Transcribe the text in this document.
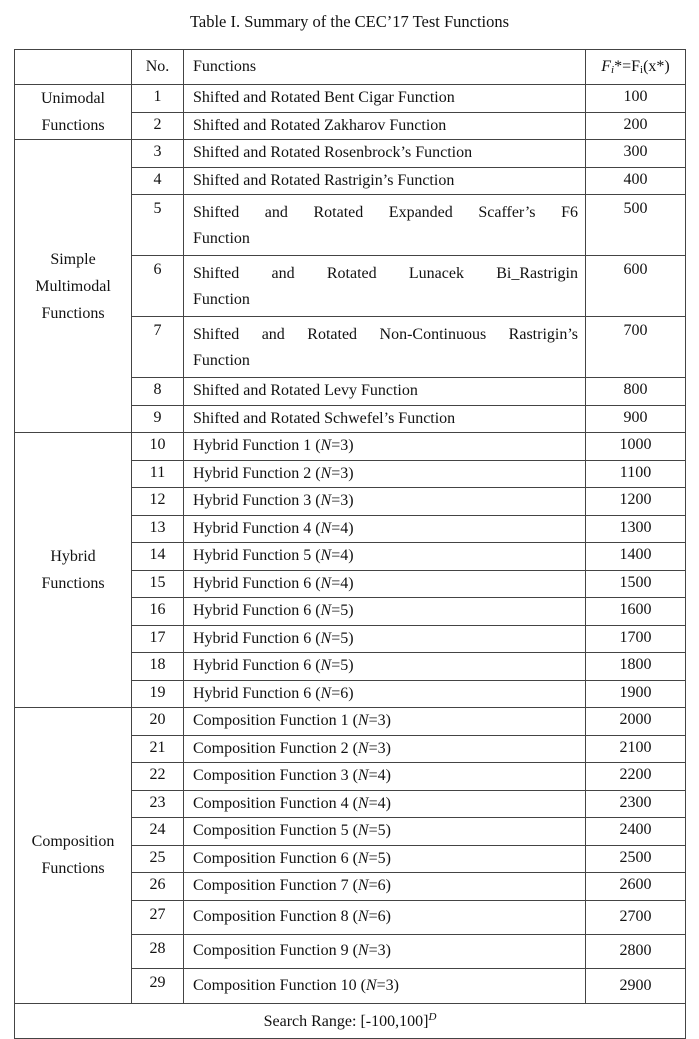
Table I. Summary of the CEC’17 Test Functions
	No.	Functions	Fi*=Fi(x*)

Unimodal
Functions	1	Shifted and Rotated Bent Cigar Function	100
	2	Shifted and Rotated Zakharov Function	200

Simple
Multimodal
Functions	3	Shifted and Rotated Rosenbrock’s Function	300
	4	Shifted and Rotated Rastrigin’s Function	400
	5	Shifted and Rotated Expanded Scaffer’s F6
Function	500
	6	Shifted and Rotated Lunacek Bi_Rastrigin
Function	600
	7	Shifted and Rotated Non-Continuous Rastrigin’s
Function	700
	8	Shifted and Rotated Levy Function	800
	9	Shifted and Rotated Schwefel’s Function	900

Hybrid
Functions	10	Hybrid Function 1 (N=3)	1000
	11	Hybrid Function 2 (N=3)	1100
	12	Hybrid Function 3 (N=3)	1200
	13	Hybrid Function 4 (N=4)	1300
	14	Hybrid Function 5 (N=4)	1400
	15	Hybrid Function 6 (N=4)	1500
	16	Hybrid Function 6 (N=5)	1600
	17	Hybrid Function 6 (N=5)	1700
	18	Hybrid Function 6 (N=5)	1800
	19	Hybrid Function 6 (N=6)	1900

Composition
Functions	20	Composition Function 1 (N=3)	2000
	21	Composition Function 2 (N=3)	2100
	22	Composition Function 3 (N=4)	2200
	23	Composition Function 4 (N=4)	2300
	24	Composition Function 5 (N=5)	2400
	25	Composition Function 6 (N=5)	2500
	26	Composition Function 7 (N=6)	2600
	27	Composition Function 8 (N=6)	2700
	28	Composition Function 9 (N=3)	2800
	29	Composition Function 10 (N=3)	2900
Search Range: $[-100,100]^D$
